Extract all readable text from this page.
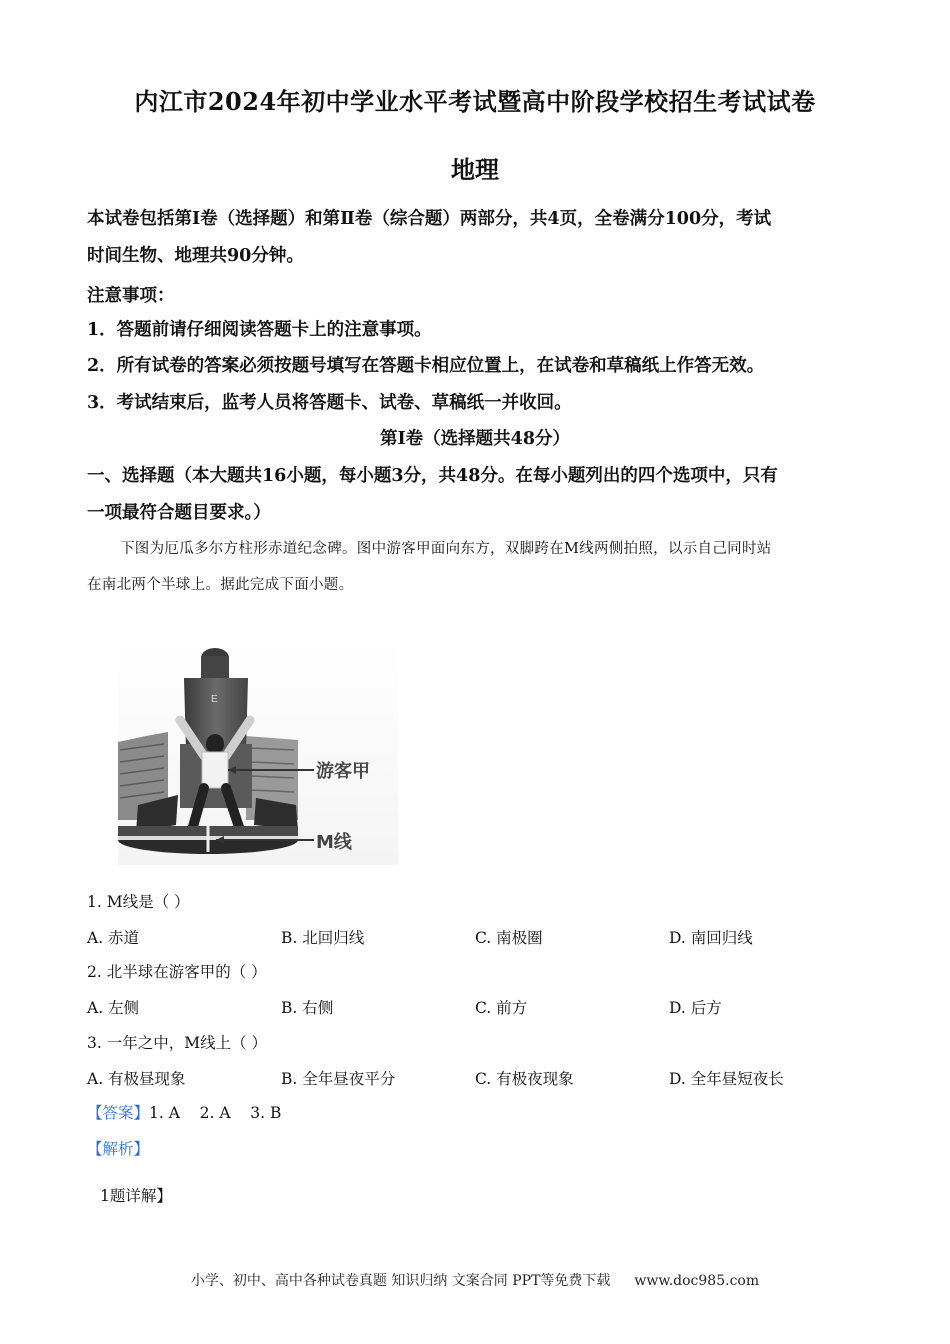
内江市2024年初中学业水平考试暨高中阶段学校招生考试试卷
地理
本试卷包括第Ⅰ卷（选择题）和第Ⅱ卷（综合题）两部分，共4页，全卷满分100分，考试
时间生物、地理共90分钟。
注意事项：
1．答题前请仔细阅读答题卡上的注意事项。
2．所有试卷的答案必须按题号填写在答题卡相应位置上，在试卷和草稿纸上作答无效。
3．考试结束后，监考人员将答题卡、试卷、草稿纸一并收回。
第Ⅰ卷（选择题共48分）
一、选择题（本大题共16小题，每小题3分，共48分。在每小题列出的四个选项中，只有
一项最符合题目要求。）
下图为厄瓜多尔方柱形赤道纪念碑。图中游客甲面向东方，双脚跨在M线两侧拍照，以示自己同时站
在南北两个半球上。据此完成下面小题。
E
游客甲
M线
1. M线是（ ）
A. 赤道	B. 北回归线	C. 南极圈	D. 南回归线
2. 北半球在游客甲的（ ）
A. 左侧	B. 右侧	C. 前方	D. 后方
3. 一年之中，M线上（ ）
A. 有极昼现象	B. 全年昼夜平分	C. 有极夜现象	D. 全年昼短夜长
【答案】1. A    2. A    3. B
【解析】
1题详解】
小学、初中、高中各种试卷真题 知识归纳 文案合同 PPT等免费下载 www.doc985.com
